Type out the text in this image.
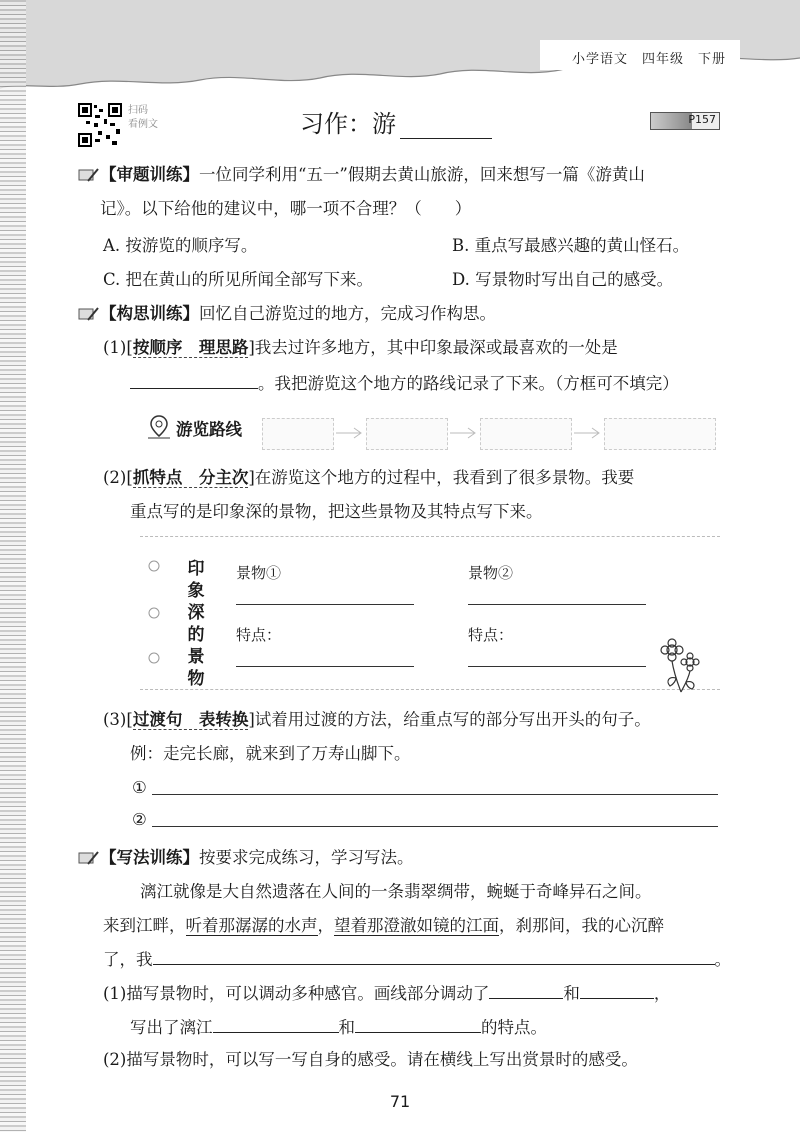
小学语文　四年级　下册
扫码
看例文	习作：游	P157
【审题训练】一位同学利用“五一”假期去黄山旅游，回来想写一篇《游黄山
记》。以下给他的建议中，哪一项不合理？（　　）
A. 按游览的顺序写。	B. 重点写最感兴趣的黄山怪石。
C. 把在黄山的所见所闻全部写下来。	D. 写景物时写出自己的感受。
【构思训练】回忆自己游览过的地方，完成习作构思。
(1)[按顺序　理思路]我去过许多地方，其中印象最深或最喜欢的一处是
。我把游览这个地方的路线记录了下来。（方框可不填完）
游览路线
(2)[抓特点　分主次]在游览这个地方的过程中，我看到了很多景物。我要
重点写的是印象深的景物，把这些景物及其特点写下来。
印象深的景物
景物①	景物②
特点：	特点：
(3)[过渡句　表转换]试着用过渡的方法，给重点写的部分写出开头的句子。
例：走完长廊，就来到了万寿山脚下。
①
②
【写法训练】按要求完成练习，学习写法。
漓江就像是大自然遗落在人间的一条翡翠绸带，蜿蜒于奇峰异石之间。
来到江畔，听着那潺潺的水声，望着那澄澈如镜的江面，刹那间，我的心沉醉
了，我	。
(1)描写景物时，可以调动多种感官。画线部分调动了	和	，
写出了漓江	和	的特点。
(2)描写景物时，可以写一写自身的感受。请在横线上写出赏景时的感受。
71
